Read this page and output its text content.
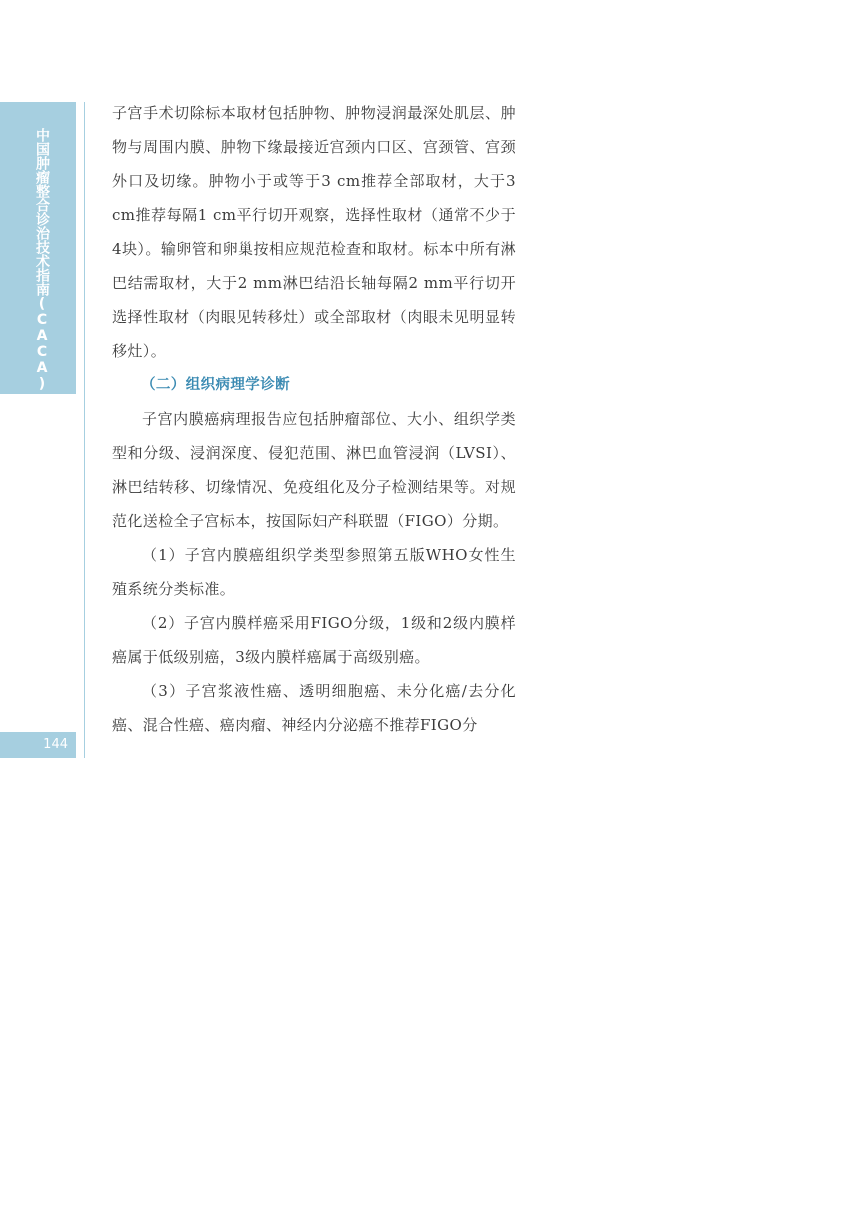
中国肿瘤整合诊治技术指南(CACA)
144

子宫手术切除标本取材包括肿物、肿物浸润最深处肌层、肿物与周围内膜、肿物下缘最接近宫颈内口区、宫颈管、宫颈外口及切缘。肿物小于或等于3 cm推荐全部取材，大于3 cm推荐每隔1 cm平行切开观察，选择性取材（通常不少于4块）。输卵管和卵巢按相应规范检查和取材。标本中所有淋巴结需取材，大于2 mm淋巴结沿长轴每隔2 mm平行切开选择性取材（肉眼见转移灶）或全部取材（肉眼未见明显转移灶）。

（二）组织病理学诊断

子宫内膜癌病理报告应包括肿瘤部位、大小、组织学类型和分级、浸润深度、侵犯范围、淋巴血管浸润（LVSI）、淋巴结转移、切缘情况、免疫组化及分子检测结果等。对规范化送检全子宫标本，按国际妇产科联盟（FIGO）分期。

（1）子宫内膜癌组织学类型参照第五版WHO女性生殖系统分类标准。

（2）子宫内膜样癌采用FIGO分级，1级和2级内膜样癌属于低级别癌，3级内膜样癌属于高级别癌。

（3）子宫浆液性癌、透明细胞癌、未分化癌/去分化癌、混合性癌、癌肉瘤、神经内分泌癌不推荐FIGO分
